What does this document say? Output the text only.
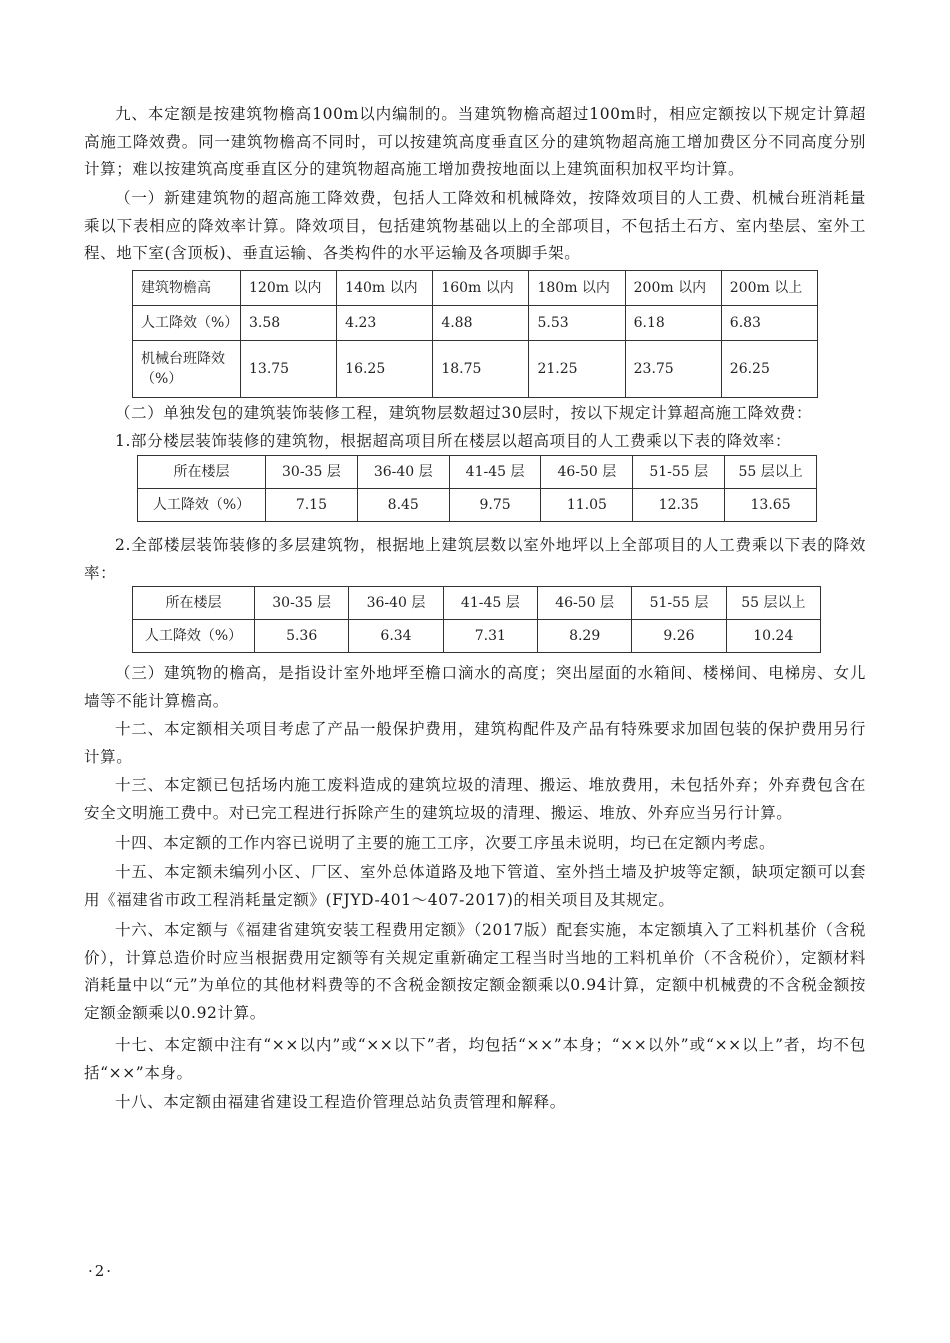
九、本定额是按建筑物檐高100m以内编制的。当建筑物檐高超过100m时，相应定额按以下规定计算超高施工降效费。同一建筑物檐高不同时，可以按建筑高度垂直区分的建筑物超高施工增加费区分不同高度分别计算；难以按建筑高度垂直区分的建筑物超高施工增加费按地面以上建筑面积加权平均计算。

（一）新建建筑物的超高施工降效费，包括人工降效和机械降效，按降效项目的人工费、机械台班消耗量乘以下表相应的降效率计算。降效项目，包括建筑物基础以上的全部项目，不包括土石方、室内垫层、室外工程、地下室(含顶板)、垂直运输、各类构件的水平运输及各项脚手架。

建筑物檐高	120m 以内	140m 以内	160m 以内	180m 以内	200m 以内	200m 以上
人工降效（%）	3.58	4.23	4.88	5.53	6.18	6.83
机械台班降效（%）	13.75	16.25	18.75	21.25	23.75	26.25

（二）单独发包的建筑装饰装修工程，建筑物层数超过30层时，按以下规定计算超高施工降效费：

1.部分楼层装饰装修的建筑物，根据超高项目所在楼层以超高项目的人工费乘以下表的降效率：

所在楼层	30-35 层	36-40 层	41-45 层	46-50 层	51-55 层	55 层以上
人工降效（%）	7.15	8.45	9.75	11.05	12.35	13.65

2.全部楼层装饰装修的多层建筑物，根据地上建筑层数以室外地坪以上全部项目的人工费乘以下表的降效率：

所在楼层	30-35 层	36-40 层	41-45 层	46-50 层	51-55 层	55 层以上
人工降效（%）	5.36	6.34	7.31	8.29	9.26	10.24

（三）建筑物的檐高，是指设计室外地坪至檐口滴水的高度；突出屋面的水箱间、楼梯间、电梯房、女儿墙等不能计算檐高。

十二、本定额相关项目考虑了产品一般保护费用，建筑构配件及产品有特殊要求加固包装的保护费用另行计算。

十三、本定额已包括场内施工废料造成的建筑垃圾的清理、搬运、堆放费用，未包括外弃；外弃费包含在安全文明施工费中。对已完工程进行拆除产生的建筑垃圾的清理、搬运、堆放、外弃应当另行计算。

十四、本定额的工作内容已说明了主要的施工工序，次要工序虽未说明，均已在定额内考虑。

十五、本定额未编列小区、厂区、室外总体道路及地下管道、室外挡土墙及护坡等定额，缺项定额可以套用《福建省市政工程消耗量定额》(FJYD-401～407-2017)的相关项目及其规定。

十六、本定额与《福建省建筑安装工程费用定额》（2017版）配套实施，本定额填入了工料机基价（含税价），计算总造价时应当根据费用定额等有关规定重新确定工程当时当地的工料机单价（不含税价），定额材料消耗量中以“元”为单位的其他材料费等的不含税金额按定额金额乘以0.94计算，定额中机械费的不含税金额按定额金额乘以0.92计算。

十七、本定额中注有“××以内”或“××以下”者，均包括“××”本身；“××以外”或“××以上”者，均不包括“××”本身。

十八、本定额由福建省建设工程造价管理总站负责管理和解释。

·2·
